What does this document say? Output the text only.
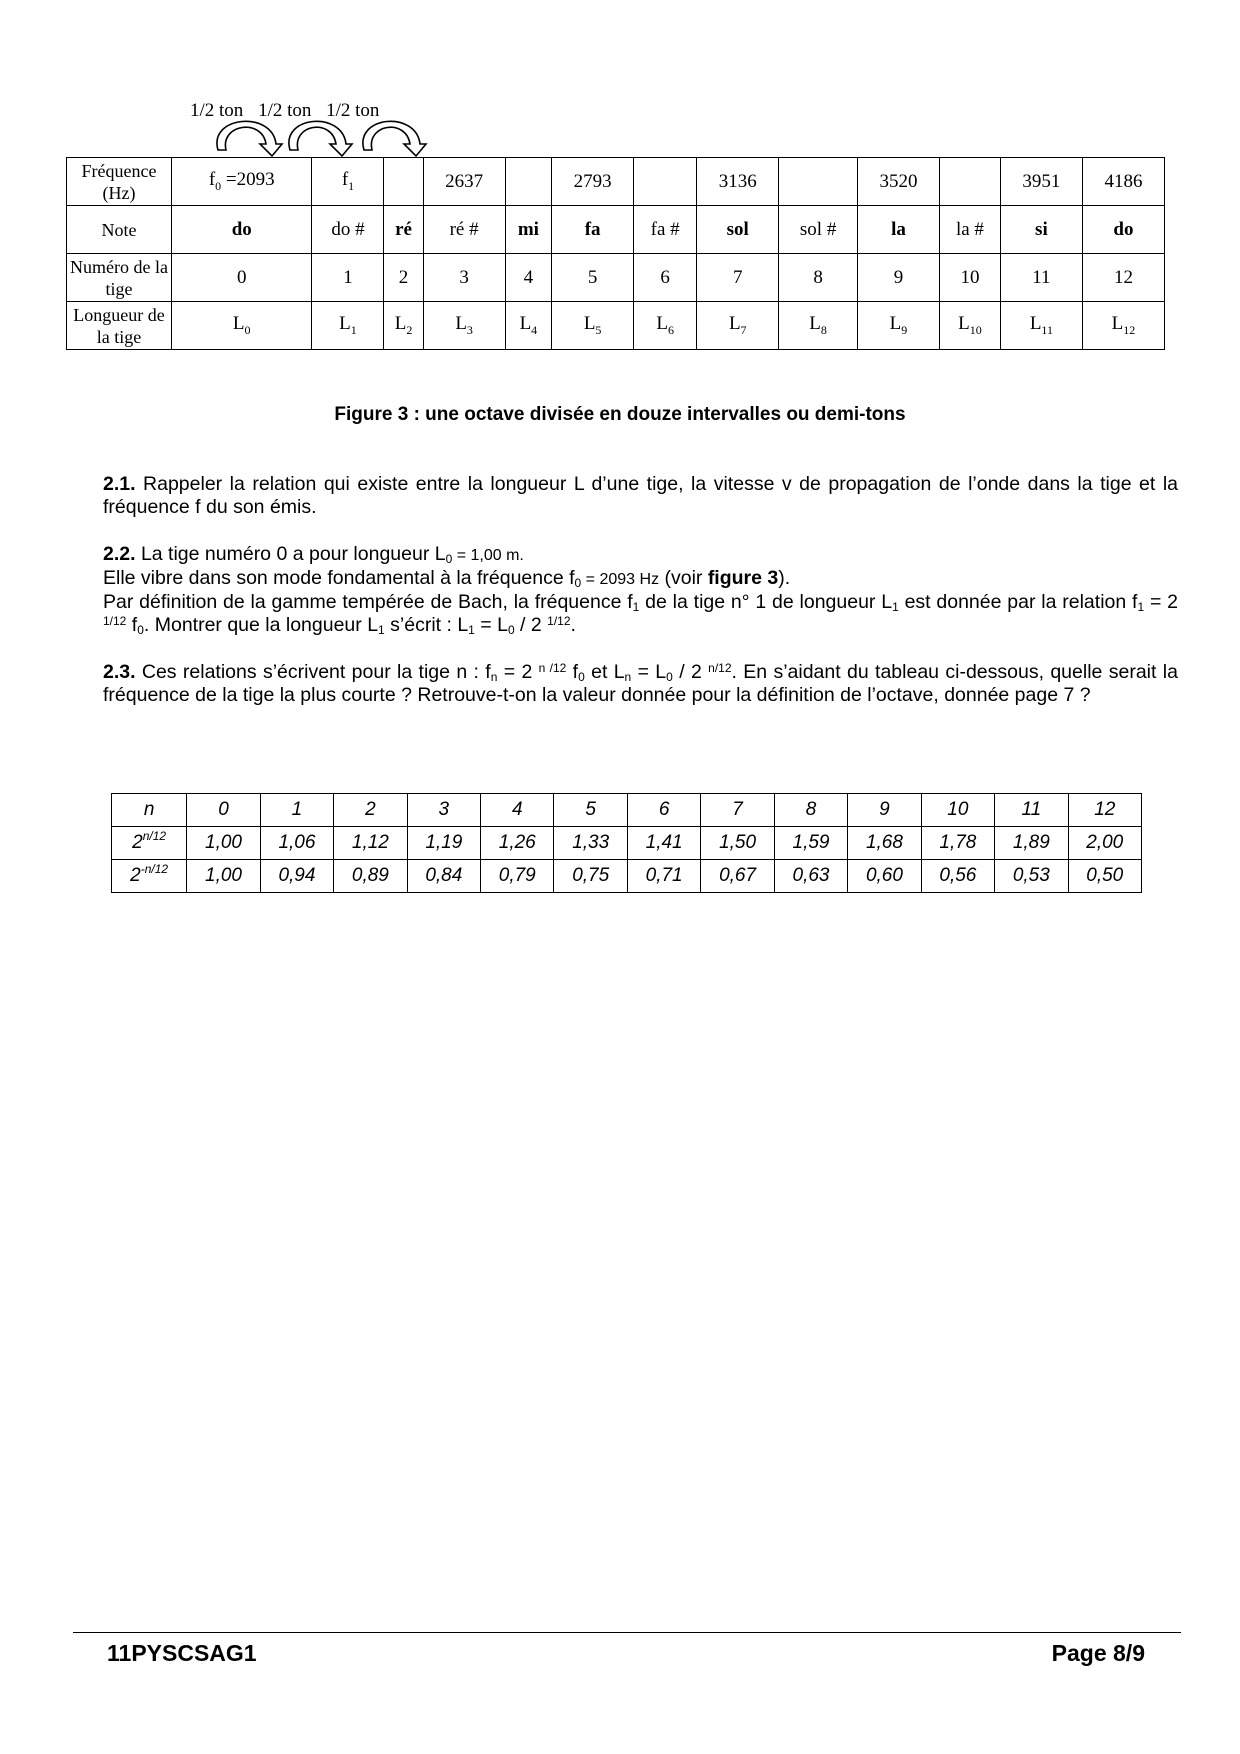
1/2 ton 1/2 ton 1/2 ton
Fréquence (Hz)	$f_0 =2093$	$f_1$		2637		2793		3136		3520		3951	4186
Note	do	do #	ré	ré #	mi	fa	fa #	sol	sol #	la	la #	si	do
Numéro de la tige	0	1	2	3	4	5	6	7	8	9	10	11	12
Longueur de la tige	$L_0$	$L_1$	$L_2$	$L_3$	$L_4$	$L_5$	$L_6$	$L_7$	$L_8$	$L_9$	$L_{10}$	$L_{11}$	$L_{12}$
Figure 3 : une octave divisée en douze intervalles ou demi-tons

2.1. Rappeler la relation qui existe entre la longueur L d’une tige, la vitesse v de propagation de l’onde dans la tige et la fréquence f du son émis.

2.2. La tige numéro 0 a pour longueur $L_0 = 1,00$ m.

Elle vibre dans son mode fondamental à la fréquence $f_0 = 2093$ Hz (voir figure 3).

Par définition de la gamme tempérée de Bach, la fréquence $f_1$ de la tige n° 1 de longueur $L_1$ est donnée par la relation $f_1 = 2$ $^{1/12}$ $f_0$. Montrer que la longueur $L_1$ s’écrit : $L_1 = L_0 / 2$ $^{1/12}$.

2.3. Ces relations s’écrivent pour la tige n : $f_n = 2$ $^{n /12}$ $f_0$ et $L_n = L_0 / 2$ $^{n/12}$. En s’aidant du tableau ci-dessous, quelle serait la fréquence de la tige la plus courte ? Retrouve-t-on la valeur donnée pour la définition de l’octave, donnée page 7 ?

n	0	1	2	3	4	5	6	7	8	9	10	11	12
$2^{n/12}$	1,00	1,06	1,12	1,19	1,26	1,33	1,41	1,50	1,59	1,68	1,78	1,89	2,00
$2^{-n/12}$	1,00	0,94	0,89	0,84	0,79	0,75	0,71	0,67	0,63	0,60	0,56	0,53	0,50
11PYSCSAG1	Page 8/9
